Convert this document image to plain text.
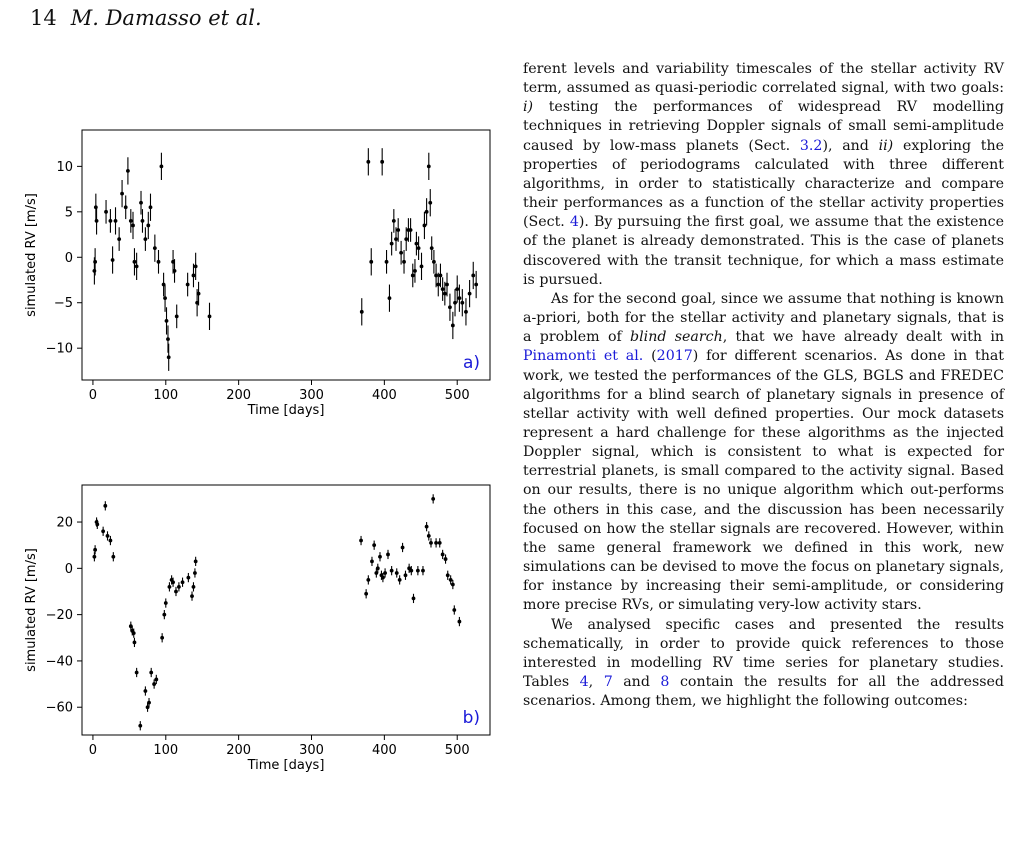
14 M. Damasso et al.
0	100	200	300	400	500
−10
−5
0
5
10
Time [days]
simulated RV [m/s]
a)
0	100	200	300	400	500
−60
−40
−20
0
20
Time [days]
simulated RV [m/s]
b)

ferent levels and variability timescales of the stellar activity RV term, assumed as quasi-periodic correlated signal, with two goals: i) testing the performances of widespread RV modelling techniques in retrieving Doppler signals of small semi-amplitude caused by low-mass planets (Sect. 3.2), and ii) exploring the properties of periodograms calculated with three different algorithms, in order to statistically characterize and compare their performances as a function of the stellar activity properties (Sect. 4). By pursuing the first goal, we assume that the existence of the planet is already demonstrated. This is the case of planets discovered with the transit technique, for which a mass estimate is pursued.

As for the second goal, since we assume that nothing is known a-priori, both for the stellar activity and planetary signals, that is a problem of blind search, that we have already dealt with in Pinamonti et al. (2017) for different scenarios. As done in that work, we tested the performances of the GLS, BGLS and FREDEC algorithms for a blind search of planetary signals in presence of stellar activity with well defined properties. Our mock datasets represent a hard challenge for these algorithms as the injected Doppler signal, which is consistent to what is expected for terrestrial planets, is small compared to the activity signal. Based on our results, there is no unique algorithm which out-performs the others in this case, and the discussion has been necessarily focused on how the stellar signals are recovered. However, within the same general framework we defined in this work, new simulations can be devised to move the focus on planetary signals, for instance by increasing their semi-amplitude, or considering more precise RVs, or simulating very-low activity stars.

We analysed specific cases and presented the results schematically, in order to provide quick references to those interested in modelling RV time series for planetary studies. Tables 4, 7 and 8 contain the results for all the addressed scenarios. Among them, we highlight the following outcomes:
